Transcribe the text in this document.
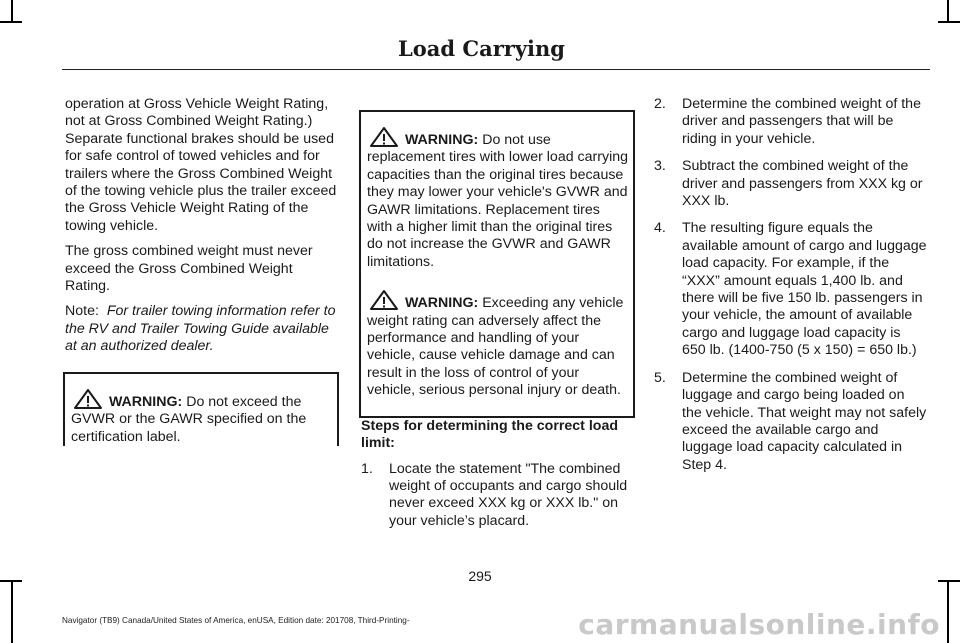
Load Carrying

operation at Gross Vehicle Weight Rating, not at Gross Combined Weight Rating.) Separate functional brakes should be used for safe control of towed vehicles and for trailers where the Gross Combined Weight of the towing vehicle plus the trailer exceed the Gross Vehicle Weight Rating of the towing vehicle.

The gross combined weight must never exceed the Gross Combined Weight Rating.

Note: For trailer towing information refer to the RV and Trailer Towing Guide available at an authorized dealer.

WARNING: Do not exceed the GVWR or the GAWR specified on the certification label.

WARNING: Do not use replacement tires with lower load carrying capacities than the original tires because they may lower your vehicle's GVWR and GAWR limitations. Replacement tires with a higher limit than the original tires do not increase the GVWR and GAWR limitations.

WARNING: Exceeding any vehicle weight rating can adversely affect the performance and handling of your vehicle, cause vehicle damage and can result in the loss of control of your vehicle, serious personal injury or death.

Steps for determining the correct load limit:

1. Locate the statement "The combined weight of occupants and cargo should never exceed XXX kg or XXX lb." on your vehicle’s placard.
2. Determine the combined weight of the driver and passengers that will be riding in your vehicle.
3. Subtract the combined weight of the driver and passengers from XXX kg or XXX lb.
4. The resulting figure equals the available amount of cargo and luggage load capacity. For example, if the “XXX” amount equals 1,400 lb. and there will be five 150 lb. passengers in your vehicle, the amount of available cargo and luggage load capacity is 650 lb. (1400-750 (5 x 150) = 650 lb.)
5. Determine the combined weight of luggage and cargo being loaded on the vehicle. That weight may not safely exceed the available cargo and luggage load capacity calculated in Step 4.
295
Navigator (TB9) Canada/United States of America, enUSA, Edition date: 201708, Third-Printing-	carmanualsonline.info
